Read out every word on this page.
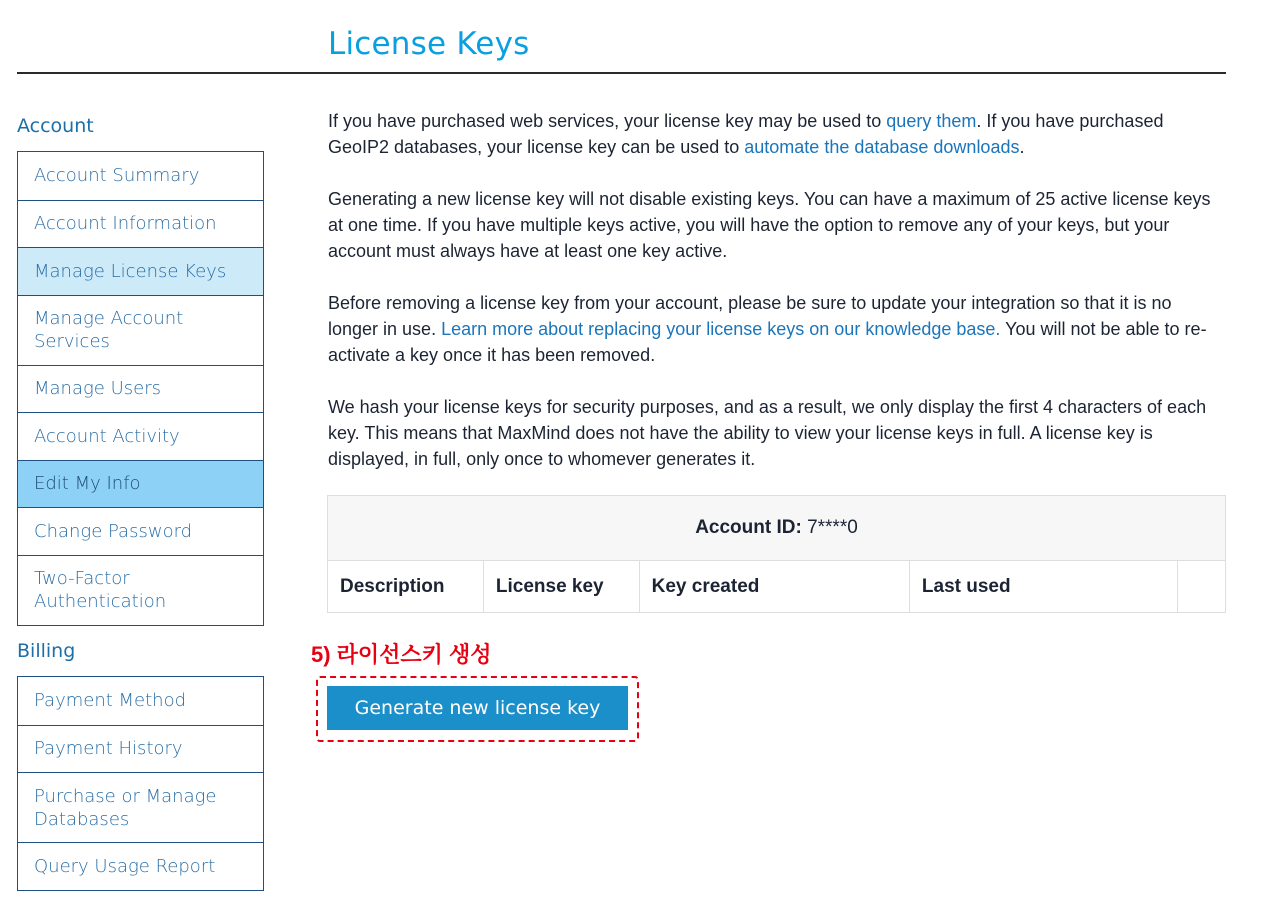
License Keys
Account
Account Summary
Account Information
Manage License Keys
Manage Account Services
Manage Users
Account Activity
Edit My Info
Change Password
Two-Factor Authentication
Billing
Payment Method
Payment History
Purchase or Manage Databases
Query Usage Report

If you have purchased web services, your license key may be used to query them. If you have purchased GeoIP2 databases, your license key can be used to automate the database downloads.

Generating a new license key will not disable existing keys. You can have a maximum of 25 active license keys at one time. If you have multiple keys active, you will have the option to remove any of your keys, but your account must always have at least one key active.

Before removing a license key from your account, please be sure to update your integration so that it is no longer in use. Learn more about replacing your license keys on our knowledge base. You will not be able to re-activate a key once it has been removed.

We hash your license keys for security purposes, and as a result, we only display the first 4 characters of each key. This means that MaxMind does not have the ability to view your license keys in full. A license key is displayed, in full, only once to whomever generates it.

Account ID: 7****0
Description	License key	Key created	Last used	
5) 라이선스키 생성
Generate new license key
